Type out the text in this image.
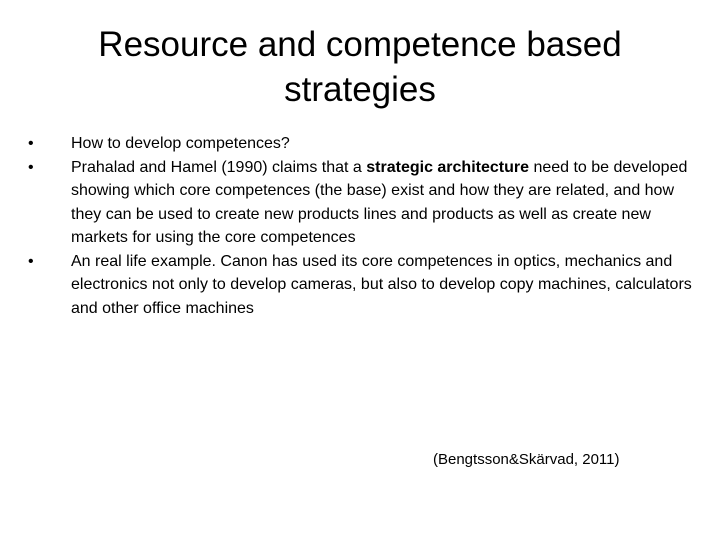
Resource and competence based strategies
•	How to develop competences?
•	Prahalad and Hamel (1990) claims that a strategic architecture need to be developed showing which core competences (the base) exist and how they are related, and how they can be used to create new products lines and products as well as create new markets for using the core competences
•	An real life example. Canon has used its core competences in optics, mechanics and electronics not only to develop cameras, but also to develop copy machines, calculators and other office machines
(Bengtsson&Skärvad, 2011)
